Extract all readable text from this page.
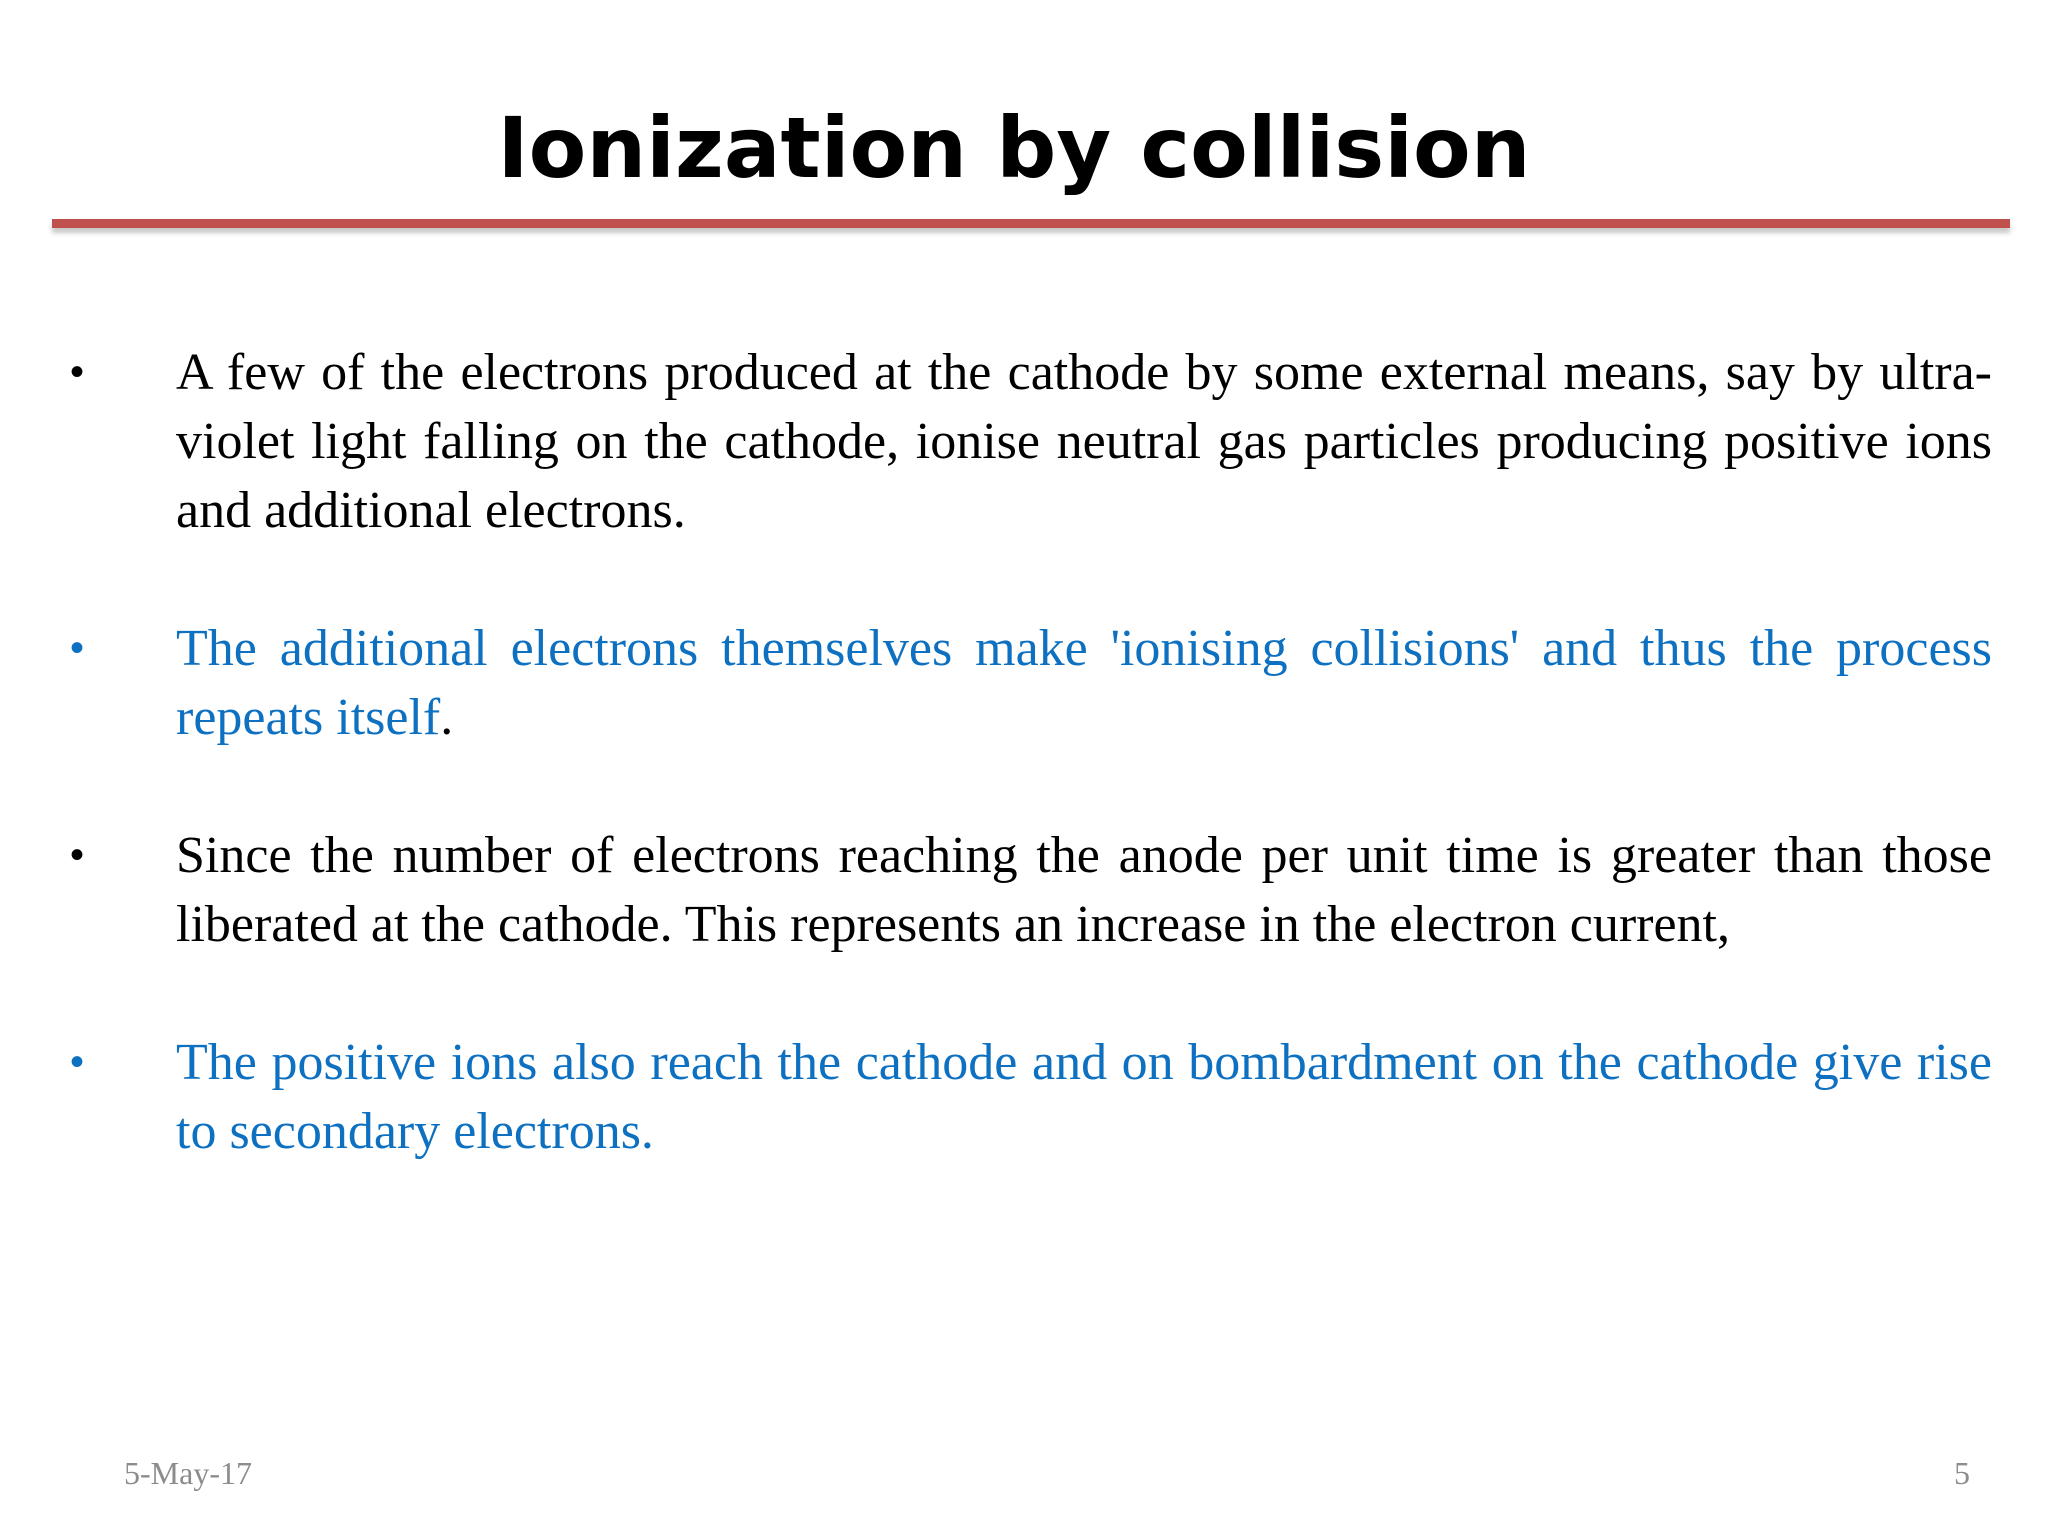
Ionization by collision
• A few of the electrons produced at the cathode by some external means, say by ultra-violet light falling on the cathode, ionise neutral gas particles producing positive ions and additional electrons.
• The additional electrons themselves make 'ionising collisions' and thus the process repeats itself.
• Since the number of electrons reaching the anode per unit time is greater than those liberated at the cathode. This represents an increase in the electron current,
• The positive ions also reach the cathode and on bombardment on the cathode give rise to secondary electrons.
5-May-17	5
